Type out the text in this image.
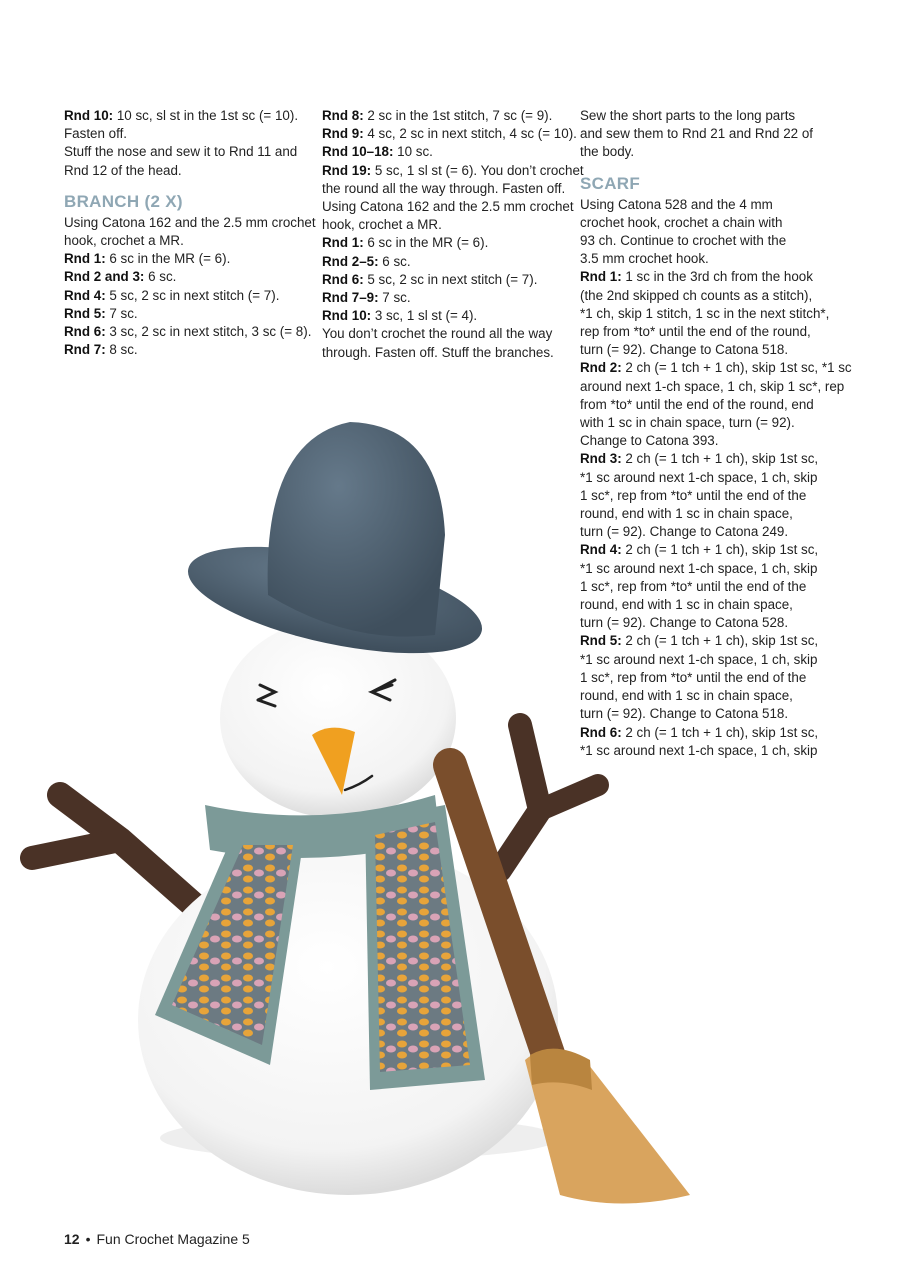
Rnd 10: 10 sc, sl st in the 1st sc (= 10).
Fasten off.
Stuff the nose and sew it to Rnd 11 and
Rnd 12 of the head.
BRANCH (2 X)
Using Catona 162 and the 2.5 mm crochet
hook, crochet a MR.
Rnd 1: 6 sc in the MR (= 6).
Rnd 2 and 3: 6 sc.
Rnd 4: 5 sc, 2 sc in next stitch (= 7).
Rnd 5: 7 sc.
Rnd 6: 3 sc, 2 sc in next stitch, 3 sc (= 8).
Rnd 7: 8 sc.
Rnd 8: 2 sc in the 1st stitch, 7 sc (= 9).
Rnd 9: 4 sc, 2 sc in next stitch, 4 sc (= 10).
Rnd 10–18: 10 sc.
Rnd 19: 5 sc, 1 sl st (= 6). You don’t crochet
the round all the way through. Fasten off.
Using Catona 162 and the 2.5 mm crochet
hook, crochet a MR.
Rnd 1: 6 sc in the MR (= 6).
Rnd 2–5: 6 sc.
Rnd 6: 5 sc, 2 sc in next stitch (= 7).
Rnd 7–9: 7 sc.
Rnd 10: 3 sc, 1 sl st (= 4).
You don’t crochet the round all the way
through. Fasten off. Stuff the branches.
Sew the short parts to the long parts
and sew them to Rnd 21 and Rnd 22 of
the body.
SCARF
Using Catona 528 and the 4 mm
crochet hook, crochet a chain with
93 ch. Continue to crochet with the
3.5 mm crochet hook.
Rnd 1: 1 sc in the 3rd ch from the hook
(the 2nd skipped ch counts as a stitch),
*1 ch, skip 1 stitch, 1 sc in the next stitch*,
rep from *to* until the end of the round,
turn (= 92). Change to Catona 518.
Rnd 2: 2 ch (= 1 tch + 1 ch), skip 1st sc, *1 sc
around next 1-ch space, 1 ch, skip 1 sc*, rep
from *to* until the end of the round, end
with 1 sc in chain space, turn (= 92).
Change to Catona 393.
Rnd 3: 2 ch (= 1 tch + 1 ch), skip 1st sc,
*1 sc around next 1-ch space, 1 ch, skip
1 sc*, rep from *to* until the end of the
round, end with 1 sc in chain space,
turn (= 92). Change to Catona 249.
Rnd 4: 2 ch (= 1 tch + 1 ch), skip 1st sc,
*1 sc around next 1-ch space, 1 ch, skip
1 sc*, rep from *to* until the end of the
round, end with 1 sc in chain space,
turn (= 92). Change to Catona 528.
Rnd 5: 2 ch (= 1 tch + 1 ch), skip 1st sc,
*1 sc around next 1-ch space, 1 ch, skip
1 sc*, rep from *to* until the end of the
round, end with 1 sc in chain space,
turn (= 92). Change to Catona 518.
Rnd 6: 2 ch (= 1 tch + 1 ch), skip 1st sc,
*1 sc around next 1-ch space, 1 ch, skip
12 • Fun Crochet Magazine 5
